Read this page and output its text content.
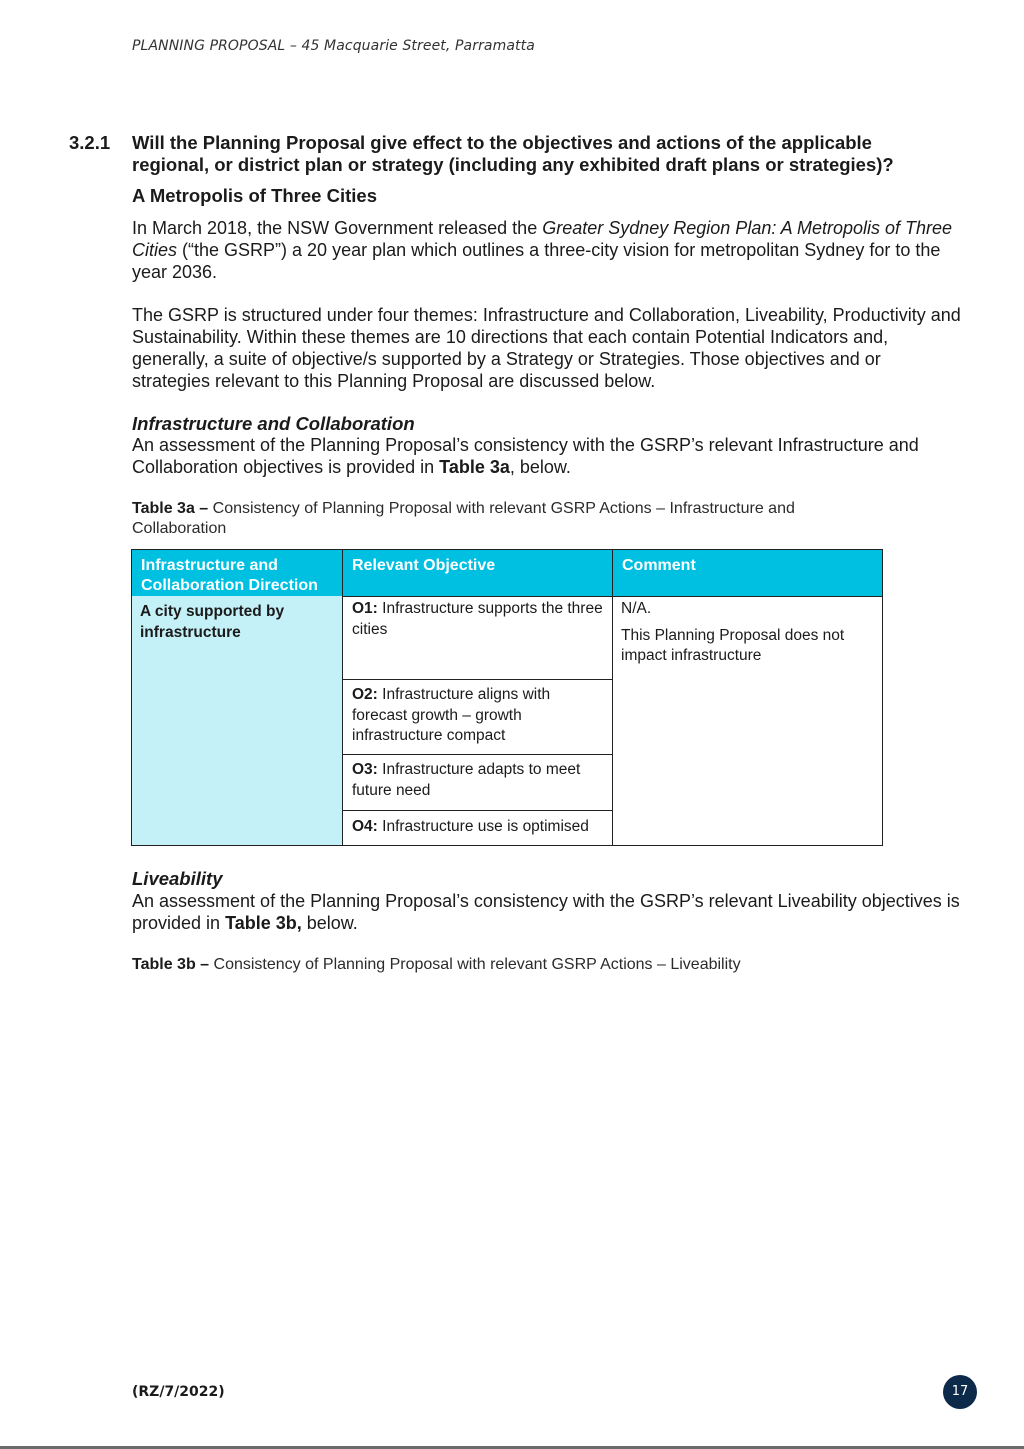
PLANNING PROPOSAL – 45 Macquarie Street, Parramatta
3.2.1 Will the Planning Proposal give effect to the objectives and actions of the applicable regional, or district plan or strategy (including any exhibited draft plans or strategies)?
A Metropolis of Three Cities
In March 2018, the NSW Government released the Greater Sydney Region Plan: A Metropolis of Three Cities (“the GSRP”) a 20 year plan which outlines a three-city vision for metropolitan Sydney for to the year 2036.
The GSRP is structured under four themes: Infrastructure and Collaboration, Liveability, Productivity and Sustainability. Within these themes are 10 directions that each contain Potential Indicators and, generally, a suite of objective/s supported by a Strategy or Strategies. Those objectives and or strategies relevant to this Planning Proposal are discussed below.
Infrastructure and Collaboration
An assessment of the Planning Proposal’s consistency with the GSRP’s relevant Infrastructure and Collaboration objectives is provided in Table 3a, below.
Table 3a – Consistency of Planning Proposal with relevant GSRP Actions – Infrastructure and Collaboration
Infrastructure and Collaboration Direction
Relevant Objective	Comment
A city supported by infrastructure
O1: Infrastructure supports the three cities
O2: Infrastructure aligns with forecast growth – growth infrastructure compact
O3: Infrastructure adapts to meet future need
O4: Infrastructure use is optimised
N/A.
This Planning Proposal does not impact infrastructure
Liveability
An assessment of the Planning Proposal’s consistency with the GSRP’s relevant Liveability objectives is provided in Table 3b, below.
Table 3b – Consistency of Planning Proposal with relevant GSRP Actions – Liveability
(RZ/7/2022)	17
